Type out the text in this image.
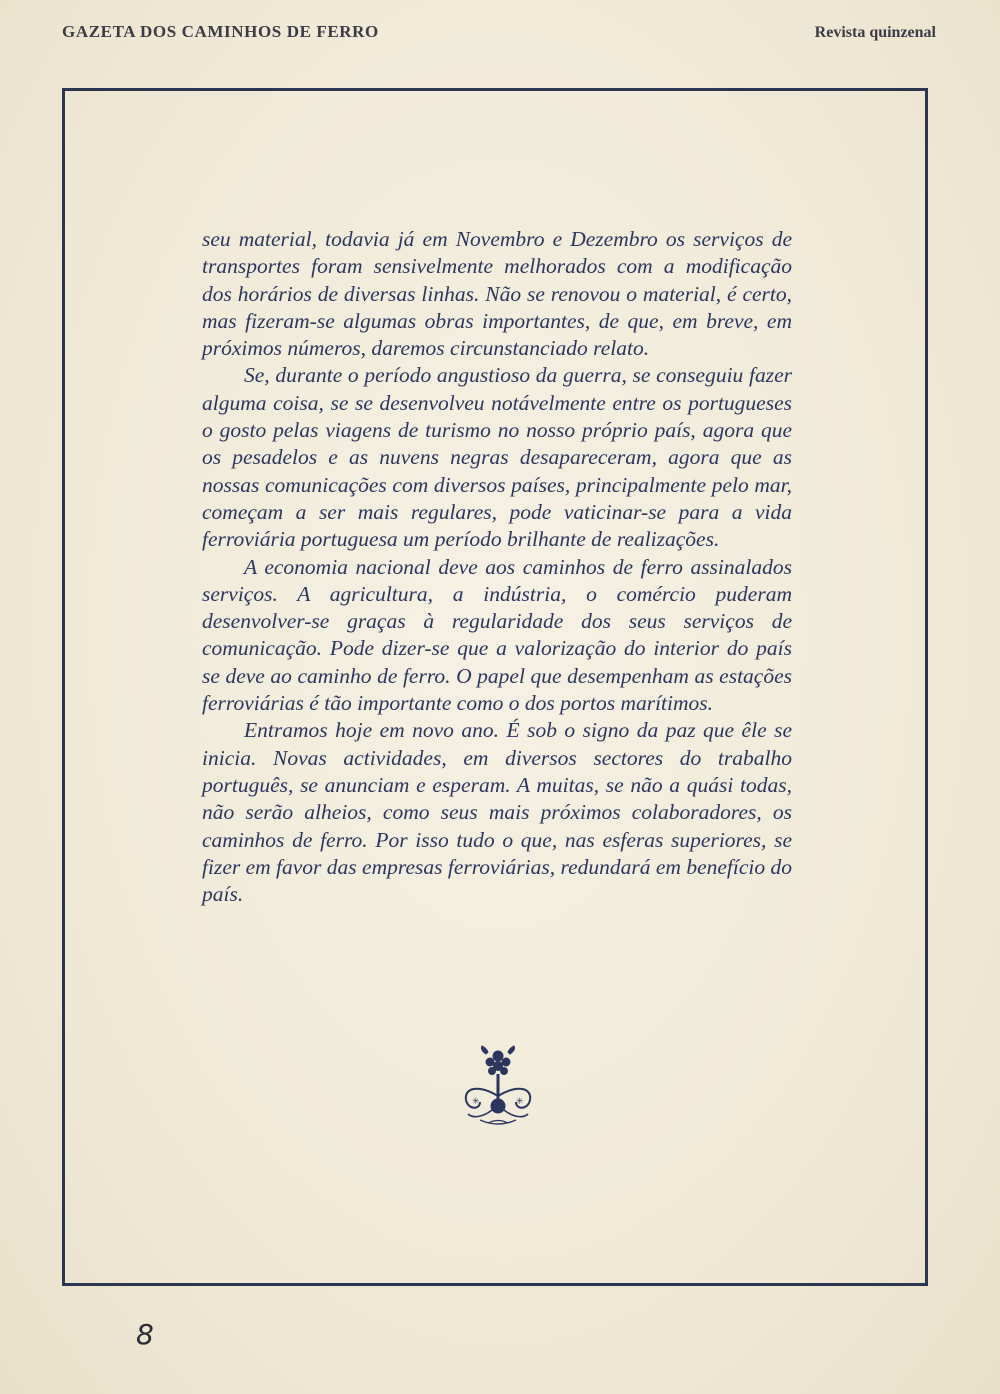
GAZETA DOS CAMINHOS DE FERRO	Revista quinzenal

seu material, todavia já em Novembro e Dezembro os serviços de transportes foram sensivelmente melhorados com a modificação dos horários de diversas linhas. Não se renovou o material, é certo, mas fizeram-se algumas obras importantes, de que, em breve, em próximos números, daremos circunstanciado relato.

Se, durante o período angustioso da guerra, se conseguiu fazer alguma coisa, se se desenvolveu notávelmente entre os portugueses o gosto pelas viagens de turismo no nosso próprio país, agora que os pesadelos e as nuvens negras desapareceram, agora que as nossas comunicações com diversos países, principalmente pelo mar, começam a ser mais regulares, pode vaticinar-se para a vida ferroviária portuguesa um período brilhante de realizações.

A economia nacional deve aos caminhos de ferro assinalados serviços. A agricultura, a indústria, o comércio puderam desenvolver-se graças à regularidade dos seus serviços de comunicação. Pode dizer-se que a valorização do interior do país se deve ao caminho de ferro. O papel que desempenham as estações ferroviárias é tão importante como o dos portos marítimos.

Entramos hoje em novo ano. É sob o signo da paz que êle se inicia. Novas actividades, em diversos sectores do trabalho português, se anunciam e esperam. A muitas, se não a quási todas, não serão alheios, como seus mais próximos colaboradores, os caminhos de ferro. Por isso tudo o que, nas esferas superiores, se fizer em favor das empresas ferroviárias, redundará em benefício do país.

✳	✳
8
